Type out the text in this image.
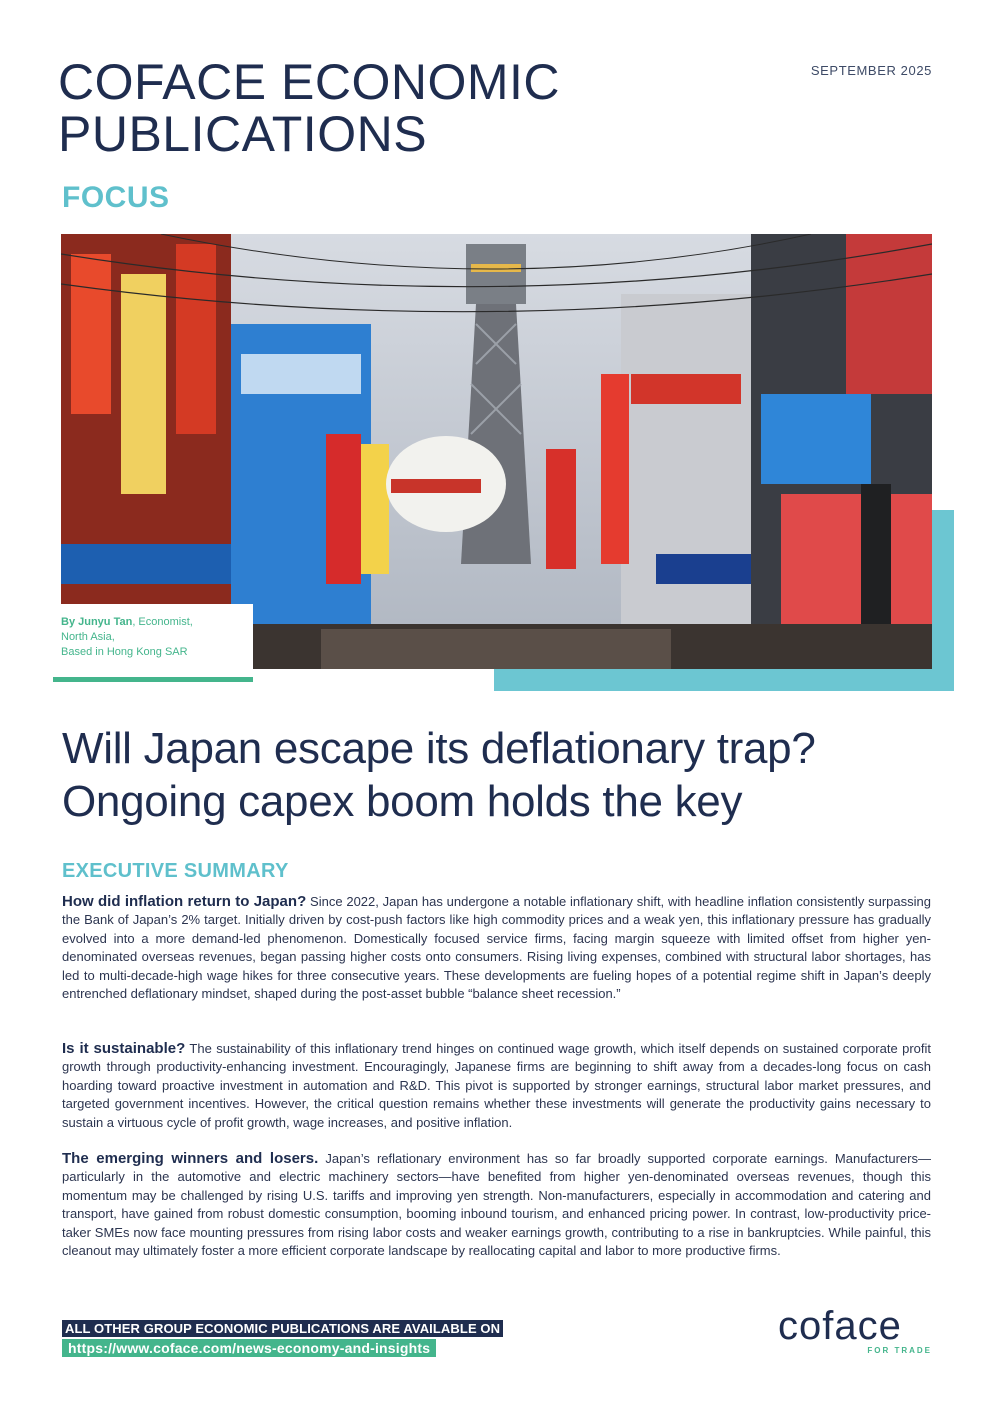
COFACE ECONOMIC
PUBLICATIONS
SEPTEMBER 2025
FOCUS
By Junyu Tan, Economist,
North Asia,
Based in Hong Kong SAR
Will Japan escape its deflationary trap?
Ongoing capex boom holds the key
EXECUTIVE SUMMARY

How did inflation return to Japan? Since 2022, Japan has undergone a notable inflationary shift, with headline inflation consistently surpassing the Bank of Japan’s 2% target. Initially driven by cost-push factors like high commodity prices and a weak yen, this inflationary pressure has gradually evolved into a more demand-led phenomenon. Domestically focused service firms, facing margin squeeze with limited offset from higher yen-denominated overseas revenues, began passing higher costs onto consumers. Rising living expenses, combined with structural labor shortages, has led to multi-decade-high wage hikes for three consecutive years. These developments are fueling hopes of a potential regime shift in Japan’s deeply entrenched deflationary mindset, shaped during the post-asset bubble “balance sheet recession.”

Is it sustainable? The sustainability of this inflationary trend hinges on continued wage growth, which itself depends on sustained corporate profit growth through productivity-enhancing investment. Encouragingly, Japanese firms are beginning to shift away from a decades-long focus on cash hoarding toward proactive investment in automation and R&D. This pivot is supported by stronger earnings, structural labor market pressures, and targeted government incentives. However, the critical question remains whether these investments will generate the productivity gains necessary to sustain a virtuous cycle of profit growth, wage increases, and positive inflation.

The emerging winners and losers. Japan’s reflationary environment has so far broadly supported corporate earnings. Manufacturers—particularly in the automotive and electric machinery sectors—have benefited from higher yen-denominated overseas revenues, though this momentum may be challenged by rising U.S. tariffs and improving yen strength. Non-manufacturers, especially in accommodation and catering and transport, have gained from robust domestic consumption, booming inbound tourism, and enhanced pricing power. In contrast, low-productivity price-taker SMEs now face mounting pressures from rising labor costs and weaker earnings growth, contributing to a rise in bankruptcies. While painful, this cleanout may ultimately foster a more efficient corporate landscape by reallocating capital and labor to more productive firms.

ALL OTHER GROUP ECONOMIC PUBLICATIONS ARE AVAILABLE ON
https://www.coface.com/news-economy-and-insights	coface
FOR TRADE
